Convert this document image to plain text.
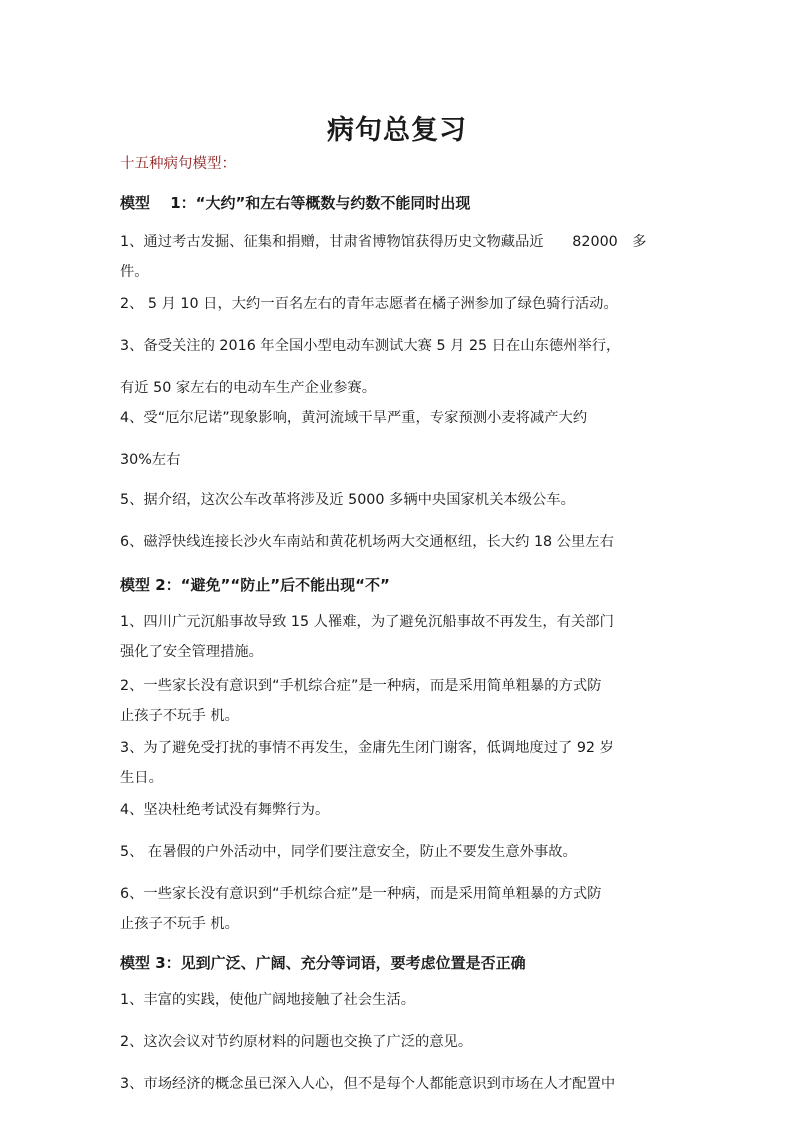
病句总复习
十五种病句模型：
模型　 1：“大约”和左右等概数与约数不能同时出现
1、通过考古发掘、征集和捐赠，甘肃省博物馆获得历史文物藏品近　　82000　多
件。
2、 5 月 10 日，大约一百名左右的青年志愿者在橘子洲参加了绿色骑行活动。
3、备受关注的 2016 年全国小型电动车测试大赛 5 月 25 日在山东德州举行，
有近 50 家左右的电动车生产企业参赛。
4、受“厄尔尼诺”现象影响，黄河流域干旱严重，专家预测小麦将减产大约
30%左右
5、据介绍，这次公车改革将涉及近 5000 多辆中央国家机关本级公车。
6、磁浮快线连接长沙火车南站和黄花机场两大交通枢纽，长大约 18 公里左右
模型 2：“避免”“防止”后不能出现“不”
1、四川广元沉船事故导致 15 人罹难，为了避免沉船事故不再发生，有关部门
强化了安全管理措施。
2、一些家长没有意识到“手机综合症”是一种病，而是采用简单粗暴的方式防
止孩子不玩手 机。
3、为了避免受打扰的事情不再发生，金庸先生闭门谢客，低调地度过了 92 岁
生日。
4、坚决杜绝考试没有舞弊行为。
5、 在暑假的户外活动中，同学们要注意安全，防止不要发生意外事故。
6、一些家长没有意识到“手机综合症”是一种病，而是采用简单粗暴的方式防
止孩子不玩手 机。
模型 3：见到广泛、广阔、充分等词语，要考虑位置是否正确
1、丰富的实践，使他广阔地接触了社会生活。
2、这次会议对节约原材料的问题也交换了广泛的意见。
3、市场经济的概念虽已深入人心，但不是每个人都能意识到市场在人才配置中
